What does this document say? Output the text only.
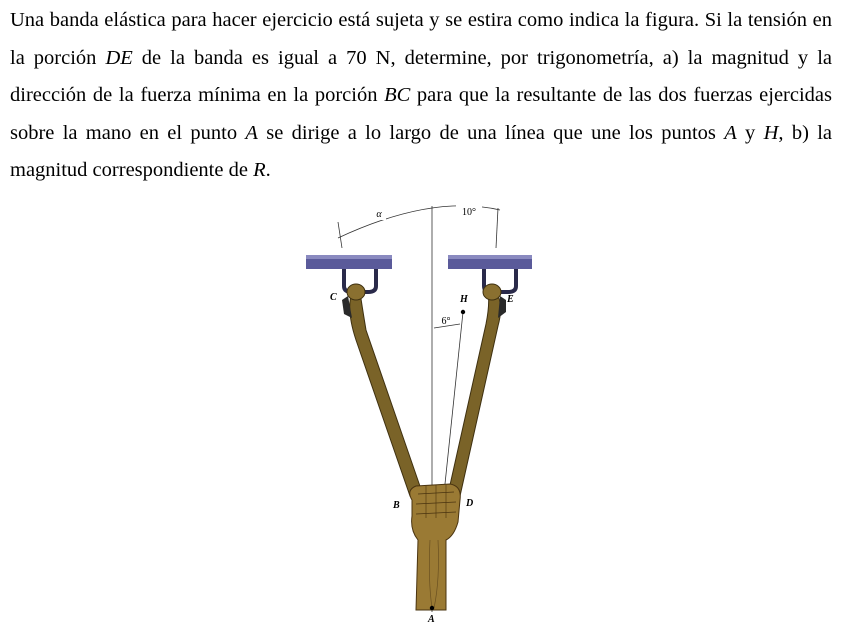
Una banda elástica para hacer ejercicio está sujeta y se estira como indica la figura. Si la tensión en la porción DE de la banda es igual a 70 N, determine, por trigonometría, a) la magnitud y la dirección de la fuerza mínima en la porción BC para que la resultante de las dos fuerzas ejercidas sobre la mano en el punto A se dirige a lo largo de una línea que une los puntos A y H, b) la magnitud correspondiente de R.
α	10°
6°
C	H	E
B	D
A
